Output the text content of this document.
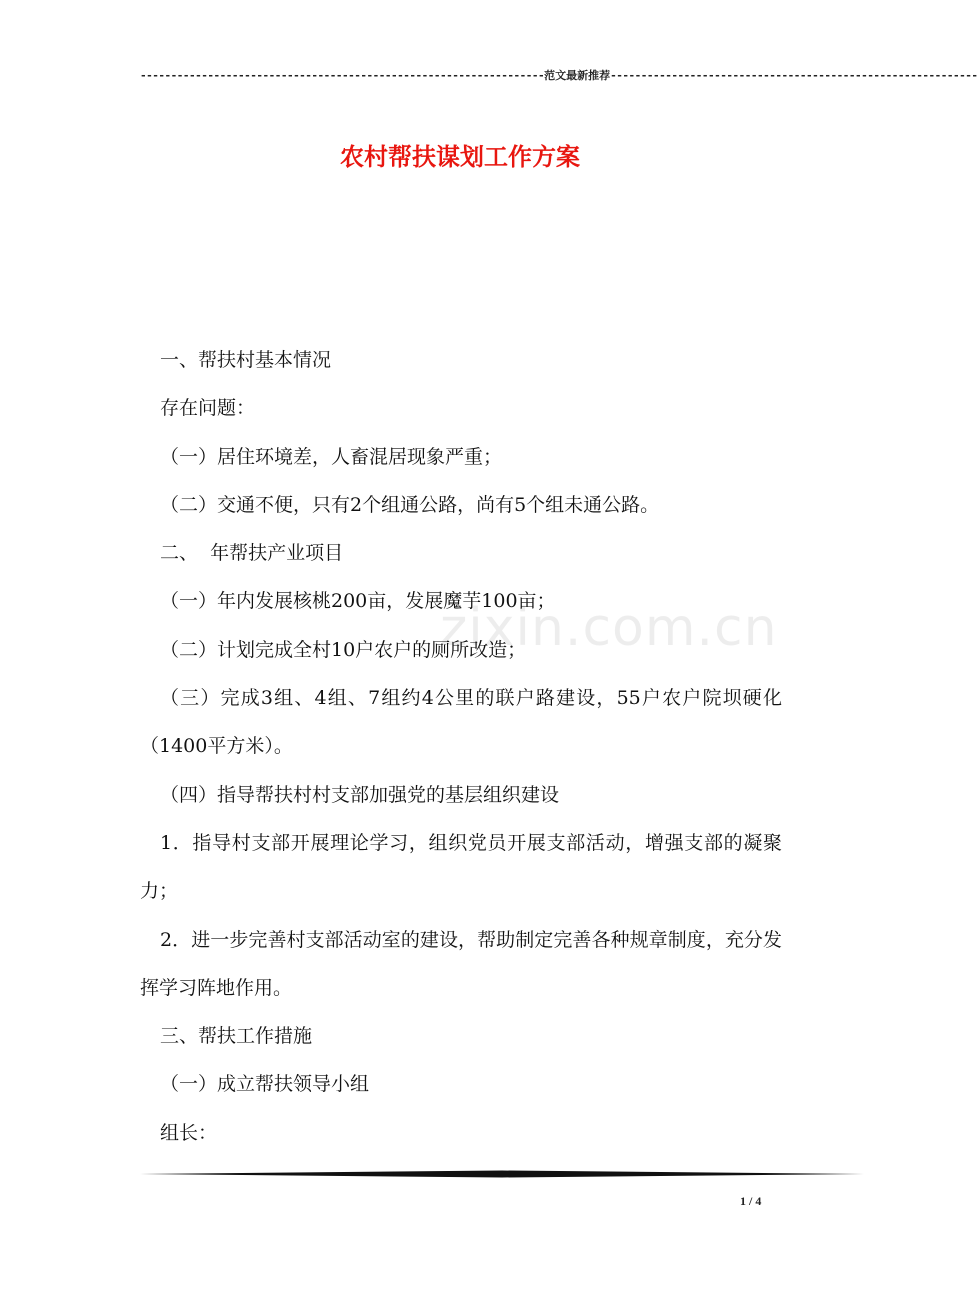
------------------------------------------------------------------范文最新推荐------------------------------------------------------------
农村帮扶谋划工作方案
zixin.com.cn

一、帮扶村基本情况

存在问题：

（一）居住环境差，人畜混居现象严重；

（二）交通不便，只有2个组通公路，尚有5个组未通公路。

二、  年帮扶产业项目

（一）年内发展核桃200亩，发展魔芋100亩；

（二）计划完成全村10户农户的厕所改造；

（三）完成3组、4组、7组约4公里的联户路建设，55户农户院坝硬化（1400平方米）。

（四）指导帮扶村村支部加强党的基层组织建设

1．指导村支部开展理论学习，组织党员开展支部活动，增强支部的凝聚力；

2．进一步完善村支部活动室的建设，帮助制定完善各种规章制度，充分发挥学习阵地作用。

三、帮扶工作措施

（一）成立帮扶领导小组

组长：

1 / 4
